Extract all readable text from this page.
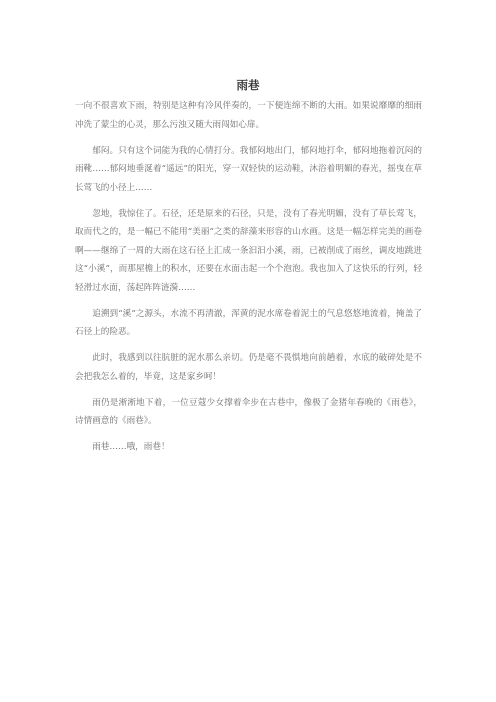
雨巷

一向不很喜欢下雨，特别是这种有冷风伴奏的，一下便连绵不断的大雨。如果说靡靡的细雨冲洗了蒙尘的心灵，那么污浊又随大雨闯如心扉。

郁闷。只有这个词能为我的心情打分。我郁闷地出门，郁闷地打伞，郁闷地拖着沉闷的雨靴……郁闷地垂涎着“遥远”的阳光，穿一双轻快的运动鞋，沐浴着明媚的春光，摇曳在草长莺飞的小径上……

忽地，我惊住了。石径，还是原来的石径，只是，没有了春光明媚，没有了草长莺飞，取而代之的，是一幅已不能用“美丽”之类的辞藻来形容的山水画。这是一幅怎样完美的画卷啊——继绵了一周的大雨在这石径上汇成一条汩汩小溪，雨，已被削成了雨丝，调皮地跳进这“小溪”，而那屋檐上的积水，还要在水面击起一个个泡泡。我也加入了这快乐的行列，轻轻滑过水面，荡起阵阵涟漪……

追溯到“溪”之源头，水流不再清澈，浑黄的泥水席卷着泥土的气息悠悠地流着，掩盖了石径上的险恶。

此时，我感到以往肮脏的泥水那么亲切。仍是毫不畏惧地向前趟着，水底的破碎处是不会把我怎么着的，毕竟，这是家乡呵！

雨仍是淅淅地下着，一位豆蔻少女撑着伞步在古巷中，像极了金猪年春晚的《雨巷》，诗情画意的《雨巷》。

雨巷……哦，雨巷！
